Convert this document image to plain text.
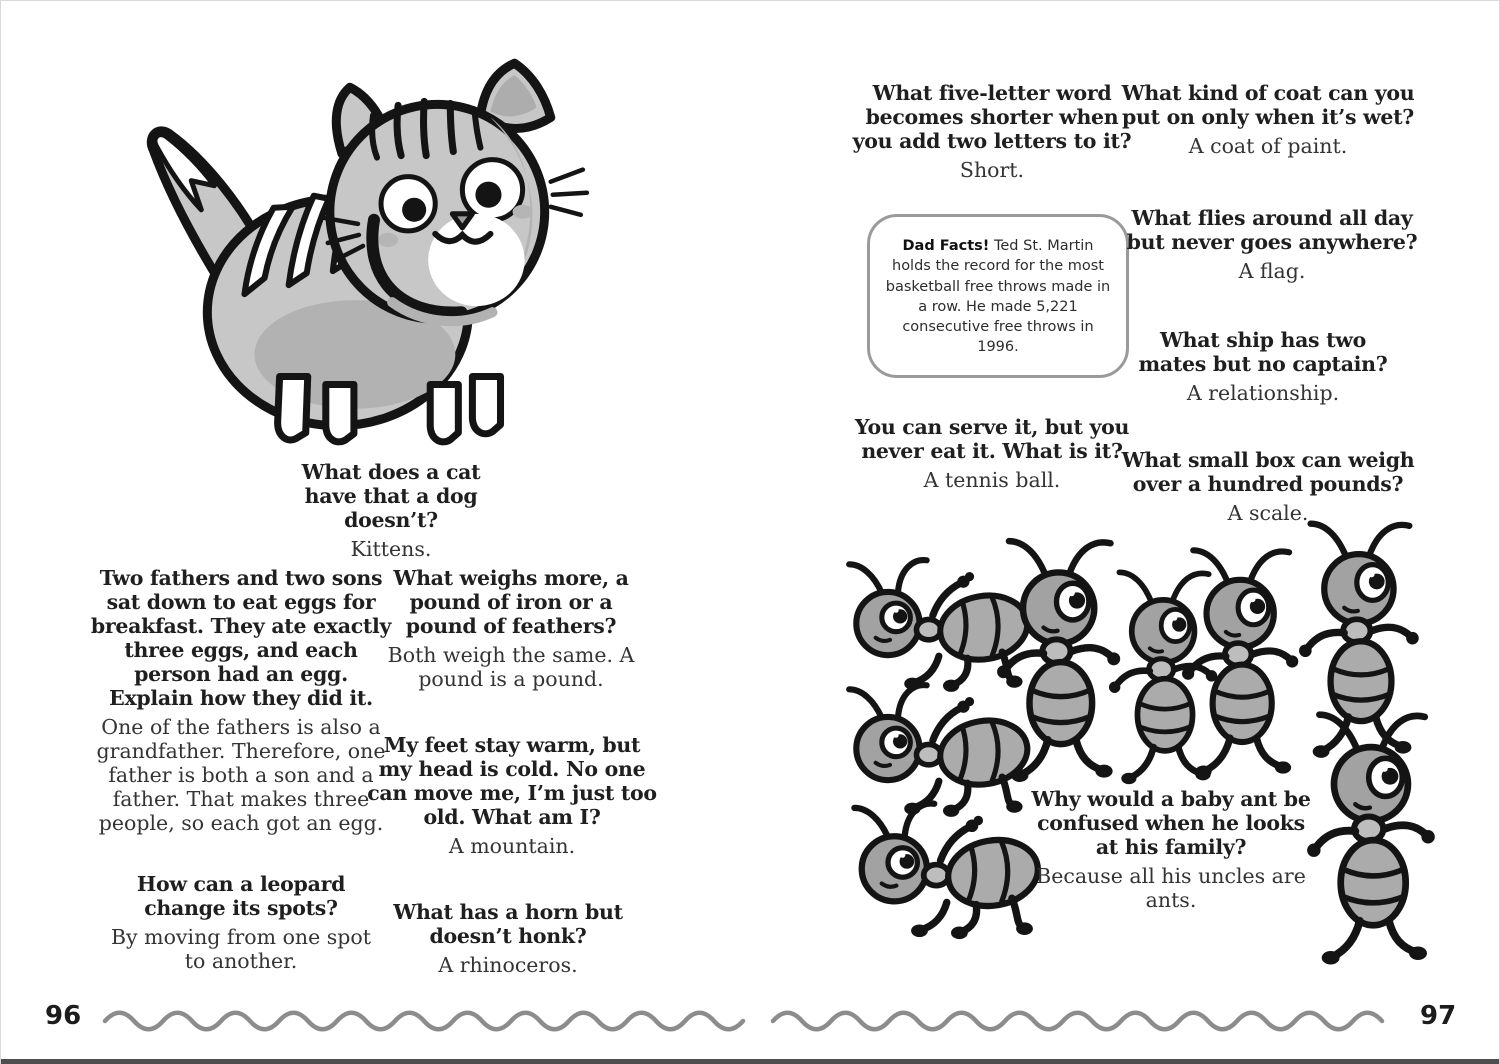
What does a cat have that a dog doesn’t?
Kittens.
Two fathers and two sons sat down to eat eggs for breakfast. They ate exactly three eggs, and each person had an egg. Explain how they did it.
One of the fathers is also a grandfather. Therefore, one father is both a son and a father. That makes three people, so each got an egg.
How can a leopard change its spots?
By moving from one spot to another.
What weighs more, a pound of iron or a pound of feathers?
Both weigh the same. A pound is a pound.
My feet stay warm, but my head is cold. No one can move me, I’m just too old. What am I?
A mountain.
What has a horn but doesn’t honk?
A rhinoceros.
96
What five-letter word becomes shorter when you add two letters to it?
Short.
What kind of coat can you put on only when it’s wet?
A coat of paint.
Dad Facts! Ted St. Martin holds the record for the most basketball free throws made in a row. He made 5,221 consecutive free throws in 1996.
What flies around all day but never goes anywhere?
A flag.
What ship has two mates but no captain?
A relationship.
You can serve it, but you never eat it. What is it?
A tennis ball.
What small box can weigh over a hundred pounds?
A scale.
Why would a baby ant be confused when he looks at his family?
Because all his uncles are ants.
97
